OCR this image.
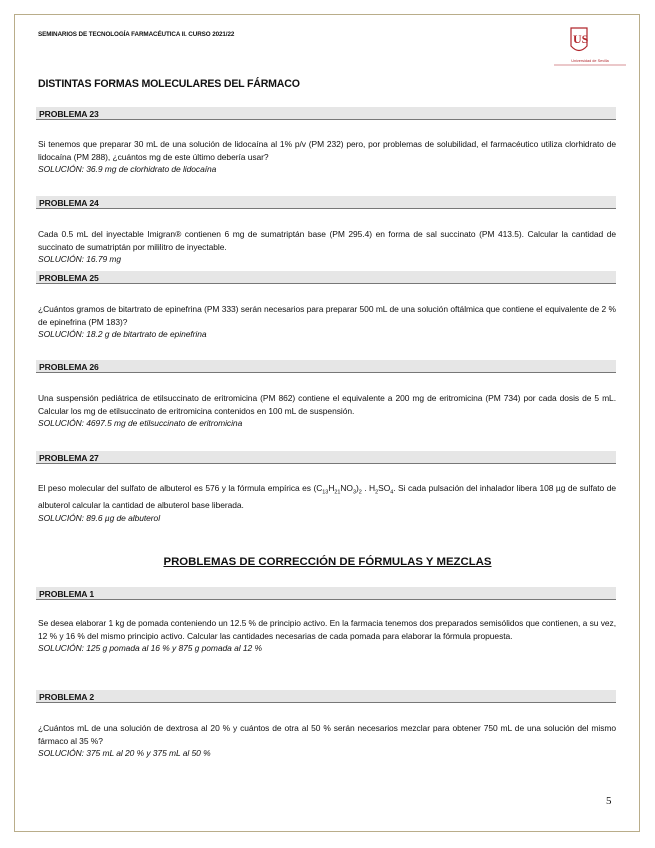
SEMINARIOS DE TECNOLOGÍA FARMACÉUTICA II. CURSO 2021/22	US
Universidad de Sevilla
DISTINTAS FORMAS MOLECULARES DEL FÁRMACO
PROBLEMA 23
Si tenemos que preparar 30 mL de una solución de lidocaína al 1% p/v (PM 232) pero, por problemas de solubilidad, el farmacéutico utiliza clorhidrato de lidocaína (PM 288), ¿cuántos mg de este último debería usar?
SOLUCIÓN: 36.9 mg de clorhidrato de lidocaína
PROBLEMA 24
Cada 0.5 mL del inyectable Imigran® contienen 6 mg de sumatriptán base (PM 295.4) en forma de sal succinato (PM 413.5). Calcular la cantidad de succinato de sumatriptán por mililitro de inyectable.
SOLUCIÓN: 16.79 mg
PROBLEMA 25
¿Cuántos gramos de bitartrato de epinefrina (PM 333) serán necesarios para preparar 500 mL de una solución oftálmica que contiene el equivalente de 2 % de epinefrina (PM 183)?
SOLUCIÓN: 18.2 g de bitartrato de epinefrina
PROBLEMA 26
Una suspensión pediátrica de etilsuccinato de eritromicina (PM 862) contiene el equivalente a 200 mg de eritromicina (PM 734) por cada dosis de 5 mL. Calcular los mg de etilsuccinato de eritromicina contenidos en 100 mL de suspensión.
SOLUCIÓN: 4697.5 mg de etilsuccinato de eritromicina
PROBLEMA 27
El peso molecular del sulfato de albuterol es 576 y la fórmula empírica es $(C_{13}H_{21}NO_3)_2$ . $H_2SO_4$. Si cada pulsación del inhalador libera 108 µg de sulfato de albuterol calcular la cantidad de albuterol base liberada.
SOLUCIÓN: 89.6 µg de albuterol
PROBLEMAS DE CORRECCIÓN DE FÓRMULAS Y MEZCLAS
PROBLEMA 1
Se desea elaborar 1 kg de pomada conteniendo un 12.5 % de principio activo. En la farmacia tenemos dos preparados semisólidos que contienen, a su vez, 12 % y 16 % del mismo principio activo. Calcular las cantidades necesarias de cada pomada para elaborar la fórmula propuesta.
SOLUCIÓN: 125 g pomada al 16 % y 875 g pomada al 12 %
PROBLEMA 2
¿Cuántos mL de una solución de dextrosa al 20 % y cuántos de otra al 50 % serán necesarios mezclar para obtener 750 mL de una solución del mismo fármaco al 35 %?
SOLUCIÓN: 375 mL al 20 % y 375 mL al 50 %
5
